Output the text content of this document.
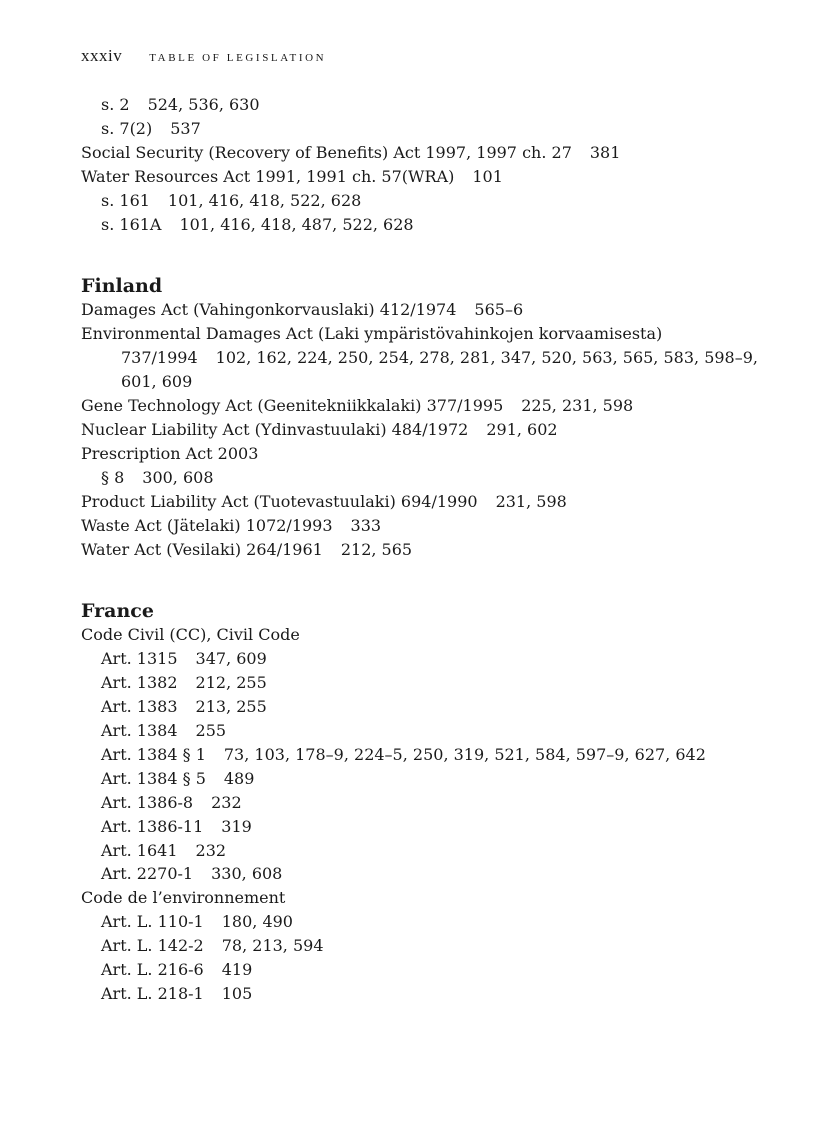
xxxiv TABLE OF LEGISLATION
s. 2 524, 536, 630
s. 7(2) 537
Social Security (Recovery of Benefits) Act 1997, 1997 ch. 27 381
Water Resources Act 1991, 1991 ch. 57(WRA) 101
s. 161 101, 416, 418, 522, 628
s. 161A 101, 416, 418, 487, 522, 628
Finland
Damages Act (Vahingonkorvauslaki) 412/1974 565–6
Environmental Damages Act (Laki ympäristövahinkojen korvaamisesta) 737/1994 102, 162, 224, 250, 254, 278, 281, 347, 520, 563, 565, 583, 598–9, 601, 609
Gene Technology Act (Geenitekniikkalaki) 377/1995 225, 231, 598
Nuclear Liability Act (Ydinvastuulaki) 484/1972 291, 602
Prescription Act 2003
§ 8 300, 608
Product Liability Act (Tuotevastuulaki) 694/1990 231, 598
Waste Act (Jätelaki) 1072/1993 333
Water Act (Vesilaki) 264/1961 212, 565
France
Code Civil (CC), Civil Code
Art. 1315 347, 609
Art. 1382 212, 255
Art. 1383 213, 255
Art. 1384 255
Art. 1384 § 1 73, 103, 178–9, 224–5, 250, 319, 521, 584, 597–9, 627, 642
Art. 1384 § 5 489
Art. 1386-8 232
Art. 1386-11 319
Art. 1641 232
Art. 2270-1 330, 608
Code de l’environnement
Art. L. 110-1 180, 490
Art. L. 142-2 78, 213, 594
Art. L. 216-6 419
Art. L. 218-1 105
